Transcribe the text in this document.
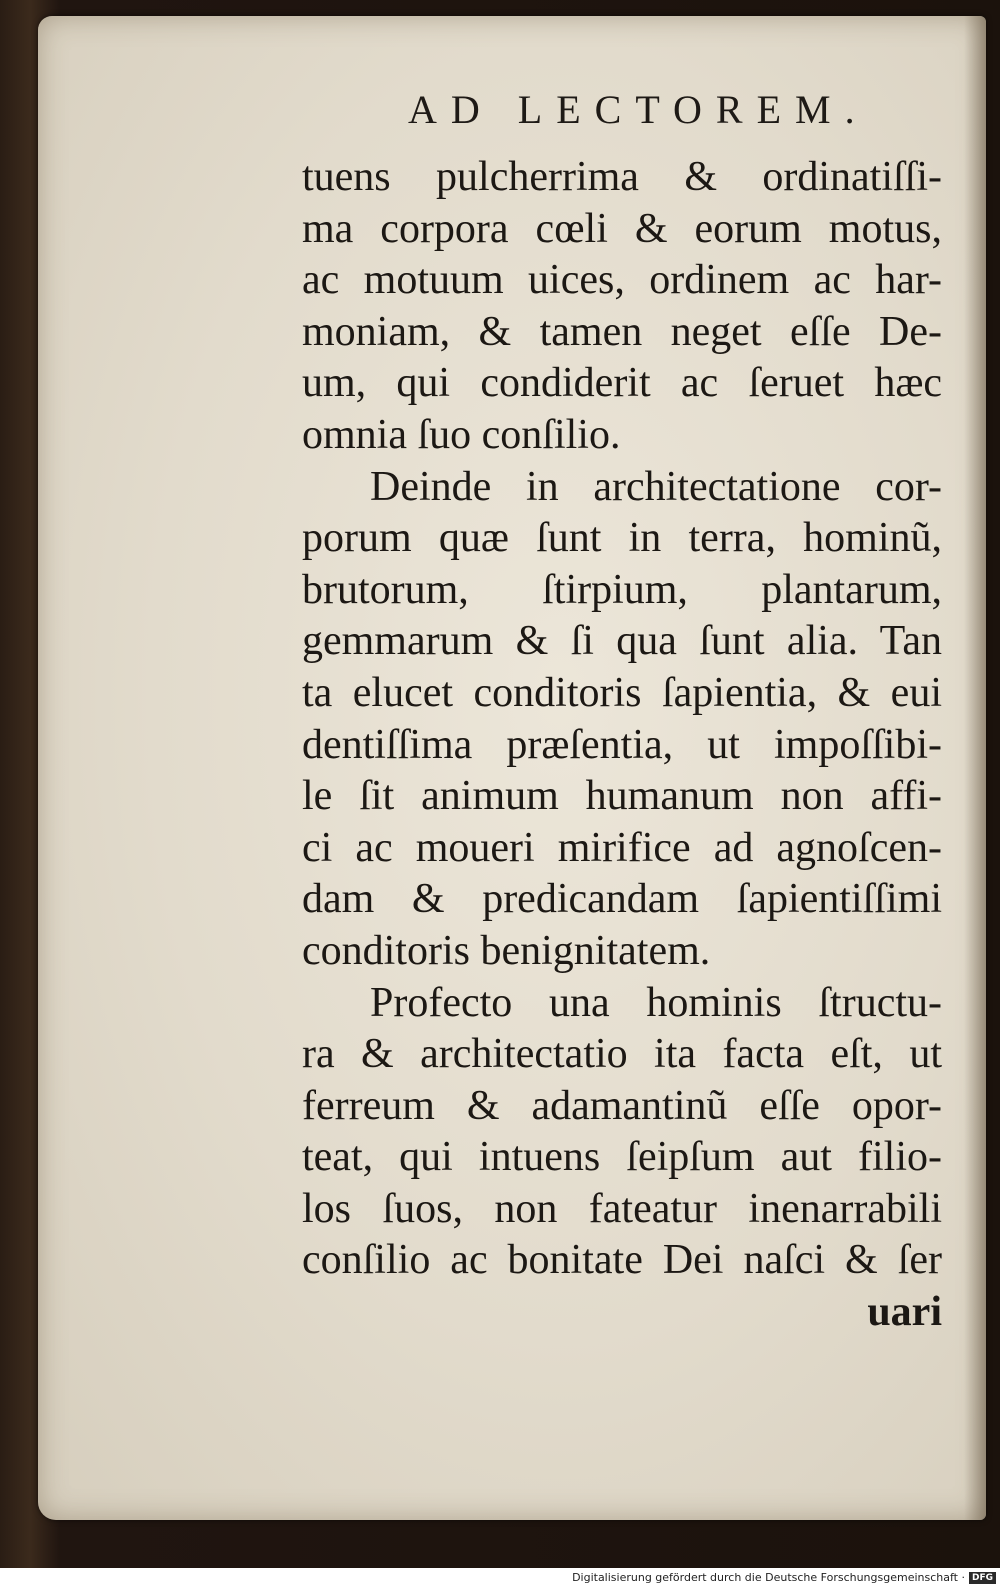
AD LECTOREM.
tuens pulcherrima & ordinatiſſi-
ma corpora cœli & eorum motus,
ac motuum uices, ordinem ac har-
moniam, & tamen neget eſſe De-
um, qui condiderit ac ſeruet hæc
omnia ſuo conſilio.
Deinde in architectatione cor-
porum quæ ſunt in terra, hominũ,
brutorum, ſtirpium, plantarum,
gemmarum & ſi qua ſunt alia. Tan
ta elucet conditoris ſapientia, & eui
dentiſſima præſentia, ut impoſſibi-
le ſit animum humanum non affi-
ci ac moueri mirifice ad agnoſcen-
dam & predicandam ſapientiſſimi
conditoris benignitatem.
Profecto una hominis ſtructu-
ra & architectatio ita facta eſt, ut
ferreum & adamantinũ eſſe opor-
teat, qui intuens ſeipſum aut filio-
los ſuos, non fateatur inenarrabili
conſilio ac bonitate Dei naſci & ſer
uari
Digitalisierung gefördert durch die Deutsche Forschungsgemeinschaft · DFG
